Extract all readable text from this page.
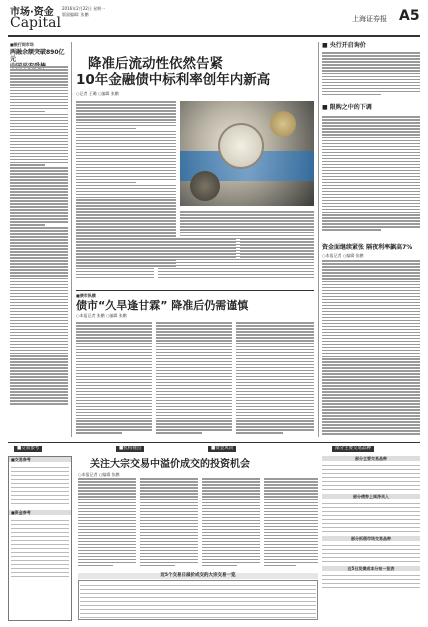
市场·资金
Capital
2016年2月22日 星期一
版面编辑: 张鹏
上海证券报 A5
■银行间市场
两融余额突破890亿元	降准后流动性依然告紧
10年金融债中标利率创年内新高
○记者 王璐 ○编辑 张鹏
■ 央行开启询价
■ 限购之中的下调
资金面继续紧张 隔夜利率飙高7%
○本报记者 ○编辑 张鹏
■债市纵横
债市“久旱逢甘霖” 降准后仍需谨慎
○本报记者 张鹏 ○编辑 张鹏
■交易参考	■机构视点	■资金风向	部分主要交易品种
■交易参考
■资金参考
关注大宗交易中溢价成交的投资机会
○本报记者 ○编辑 张鹏
近5个交易日溢价成交的大宗交易一览
部分主要交易品种
部分债券上周净买入
部分拆借市场交易品种
近5日发债成本分布一览表
